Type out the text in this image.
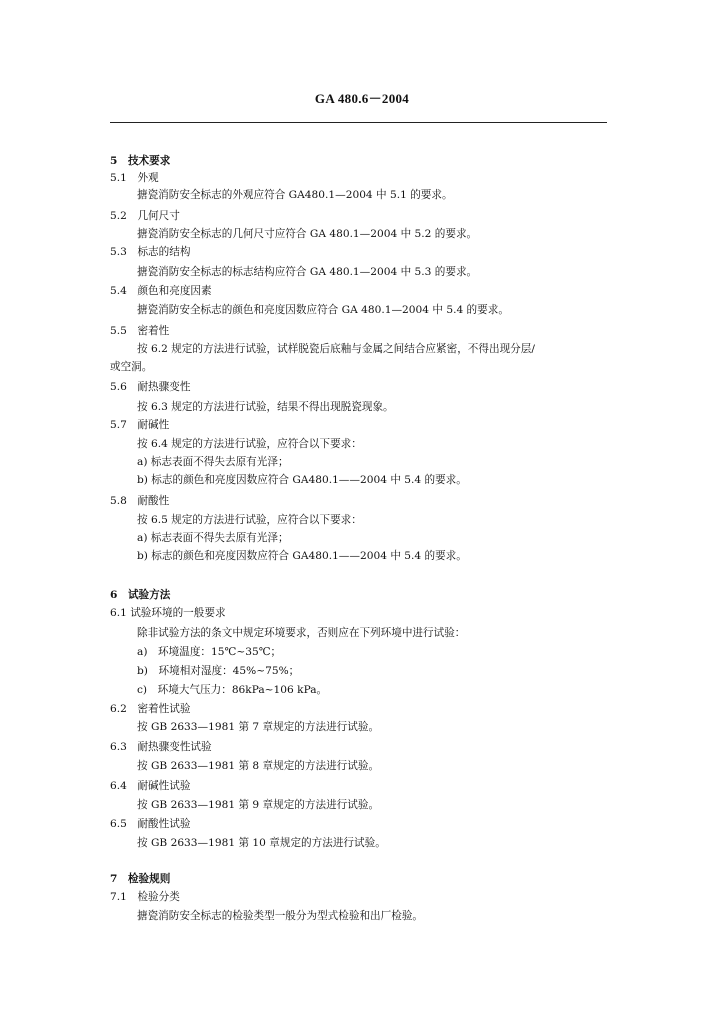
GA 480.6－2004
5　技术要求
5.1　外观
搪瓷消防安全标志的外观应符合 GA480.1—2004 中 5.1 的要求。
5.2　几何尺寸
搪瓷消防安全标志的几何尺寸应符合 GA 480.1—2004 中 5.2 的要求。
5.3　标志的结构
搪瓷消防安全标志的标志结构应符合 GA 480.1—2004 中 5.3 的要求。
5.4　颜色和亮度因素
搪瓷消防安全标志的颜色和亮度因数应符合 GA 480.1—2004 中 5.4 的要求。
5.5　密着性
按 6.2 规定的方法进行试验，试样脱瓷后底釉与金属之间结合应紧密，不得出现分层/
或空洞。
5.6　耐热骤变性
按 6.3 规定的方法进行试验，结果不得出现脱瓷现象。
5.7　耐碱性
按 6.4 规定的方法进行试验，应符合以下要求：
a) 标志表面不得失去原有光泽；
b) 标志的颜色和亮度因数应符合 GA480.1——2004 中 5.4 的要求。
5.8　耐酸性
按 6.5 规定的方法进行试验，应符合以下要求：
a) 标志表面不得失去原有光泽；
b) 标志的颜色和亮度因数应符合 GA480.1——2004 中 5.4 的要求。
6　试验方法
6.1 试验环境的一般要求
除非试验方法的条文中规定环境要求，否则应在下列环境中进行试验：
a)　环境温度：15℃~35℃；
b)　环境相对湿度：45%~75%；
c)　环境大气压力：86kPa~106 kPa。
6.2　密着性试验
按 GB 2633—1981 第 7 章规定的方法进行试验。
6.3　耐热骤变性试验
按 GB 2633—1981 第 8 章规定的方法进行试验。
6.4　耐碱性试验
按 GB 2633—1981 第 9 章规定的方法进行试验。
6.5　耐酸性试验
按 GB 2633—1981 第 10 章规定的方法进行试验。
7　检验规则
7.1　检验分类
搪瓷消防安全标志的检验类型一般分为型式检验和出厂检验。
